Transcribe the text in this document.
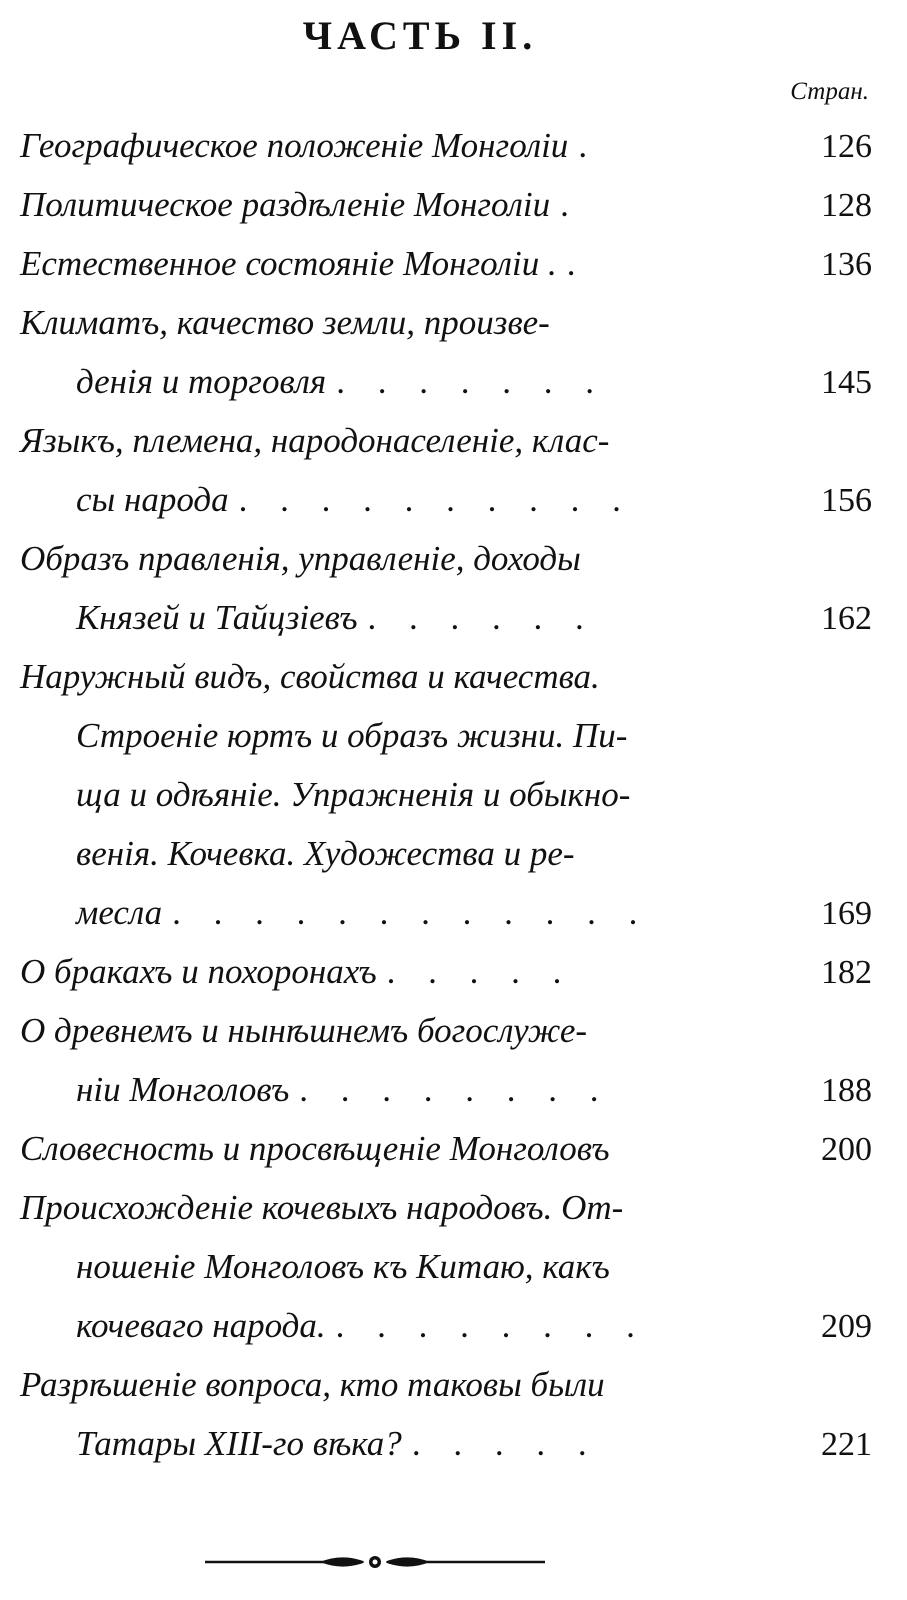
ЧАСТЬ II.
Стран.
Географическое положеніе Монголіи .	126
Политическое раздѣленіе Монголіи .	128
Естественное состояніе Монголіи . .	136
Климатъ, качество земли, произве-
денія и торговля . . . . . . .	145
Языкъ, племена, народонаселеніе, клас-
сы народа . . . . . . . . . .	156
Образъ правленія, управленіе, доходы
Князей и Тайцзіевъ . . . . . .	162
Наружный видъ, свойства и качества.
Строеніе юртъ и образъ жизни. Пи-
ща и одѣяніе. Упражненія и обыкно-
венія. Кочевка. Художества и ре-
месла . . . . . . . . . . . .	169
О бракахъ и похоронахъ . . . . .	182
О древнемъ и нынѣшнемъ богослуже-
ніи Монголовъ . . . . . . . .	188
Словесность и просвѣщеніе Монголовъ	200
Происхожденіе кочевыхъ народовъ. От-
ношеніе Монголовъ къ Китаю, какъ
кочеваго народа. . . . . . . . .	209
Разрѣшеніе вопроса, кто таковы были
Татары XIII-го вѣка? . . . . .	221
